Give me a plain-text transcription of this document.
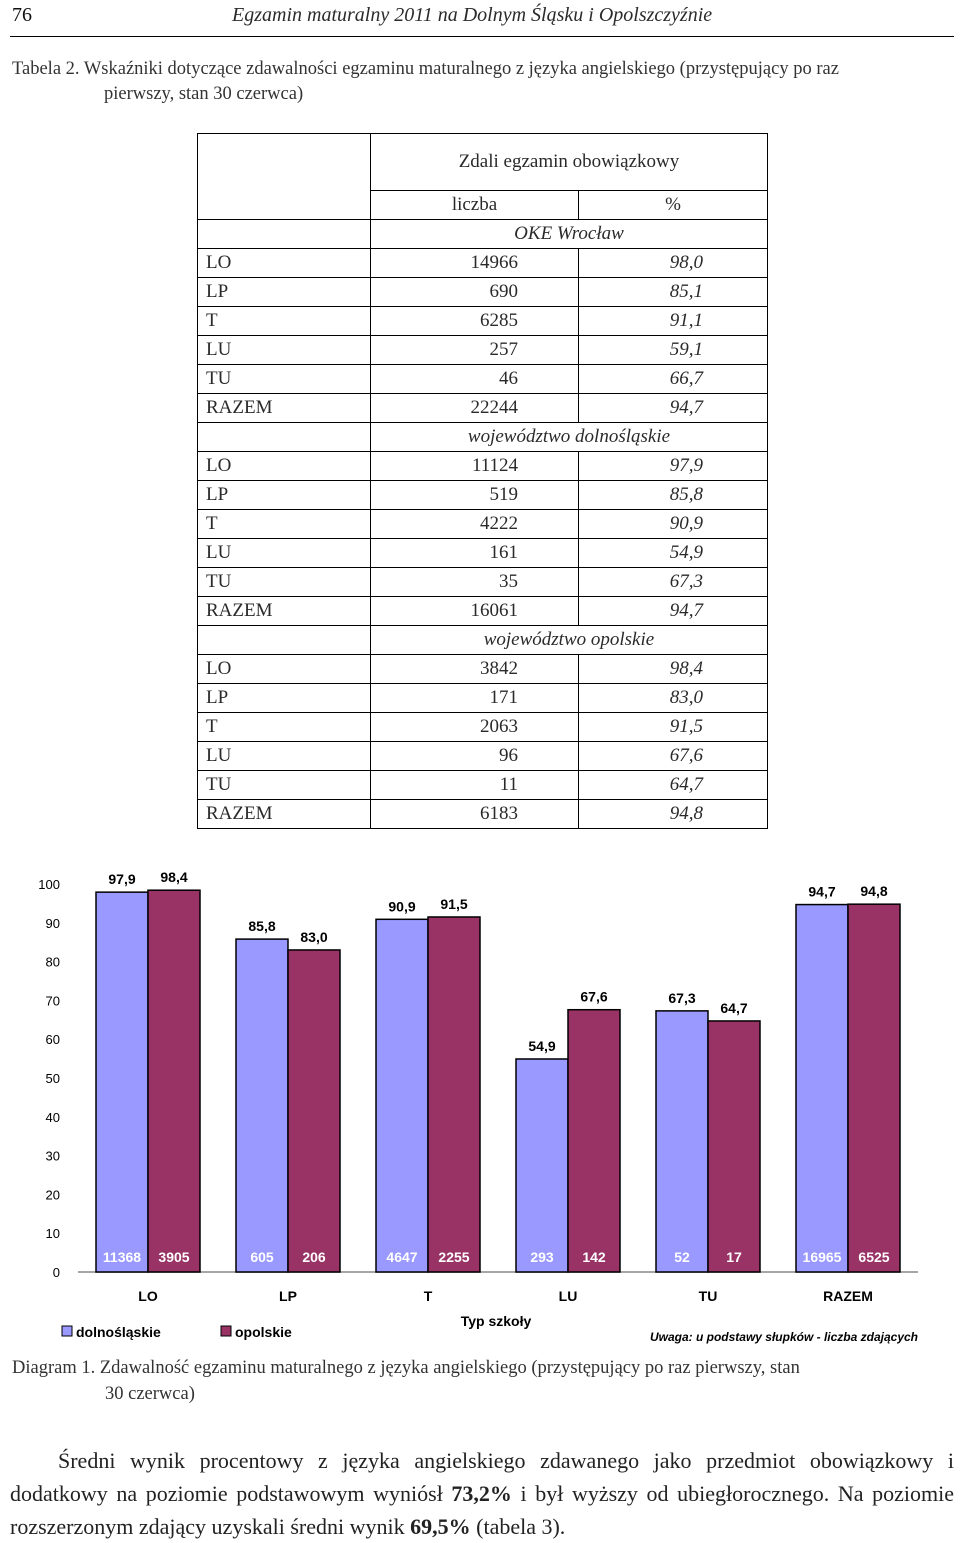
76	Egzamin maturalny 2011 na Dolnym Śląsku i Opolszczyźnie
Tabela 2. Wskaźniki dotyczące zdawalności egzaminu maturalnego z języka angielskiego (przystępujący po raz
pierwszy, stan 30 czerwca)
	Zdali egzamin obowiązkowy	
	liczba	%
	OKE Wrocław	
LO	14966	98,0
LP	690	85,1
T	6285	91,1
LU	257	59,1
TU	46	66,7
RAZEM	22244	94,7
	województwo dolnośląskie	
LO	11124	97,9
LP	519	85,8
T	4222	90,9
LU	161	54,9
TU	35	67,3
RAZEM	16061	94,7
	województwo opolskie	
LO	3842	98,4
LP	171	83,0
T	2063	91,5
LU	96	67,6
TU	11	64,7
RAZEM	6183	94,8
0
10
20
30
40
50
60
70
80
90
100	97,9
11368
98,4
3905
LO
85,8
605
83,0
206
LP
90,9
4647
91,5
2255
T
54,9
293
67,6
142
LU
67,3
52
64,7
17
TU
94,7
16965
94,8
6525
RAZEM
Typ szkoły
dolnośląskie	opolskie	Uwaga: u podstawy słupków - liczba zdających
Diagram 1. Zdawalność egzaminu maturalnego z języka angielskiego (przystępujący po raz pierwszy, stan
30 czerwca)
Średni wynik procentowy z języka angielskiego zdawanego jako przedmiot obowiązkowy i dodatkowy na poziomie podstawowym wyniósł 73,2% i był wyższy od ubiegłorocznego. Na poziomie rozszerzonym zdający uzyskali średni wynik 69,5% (tabela 3).
